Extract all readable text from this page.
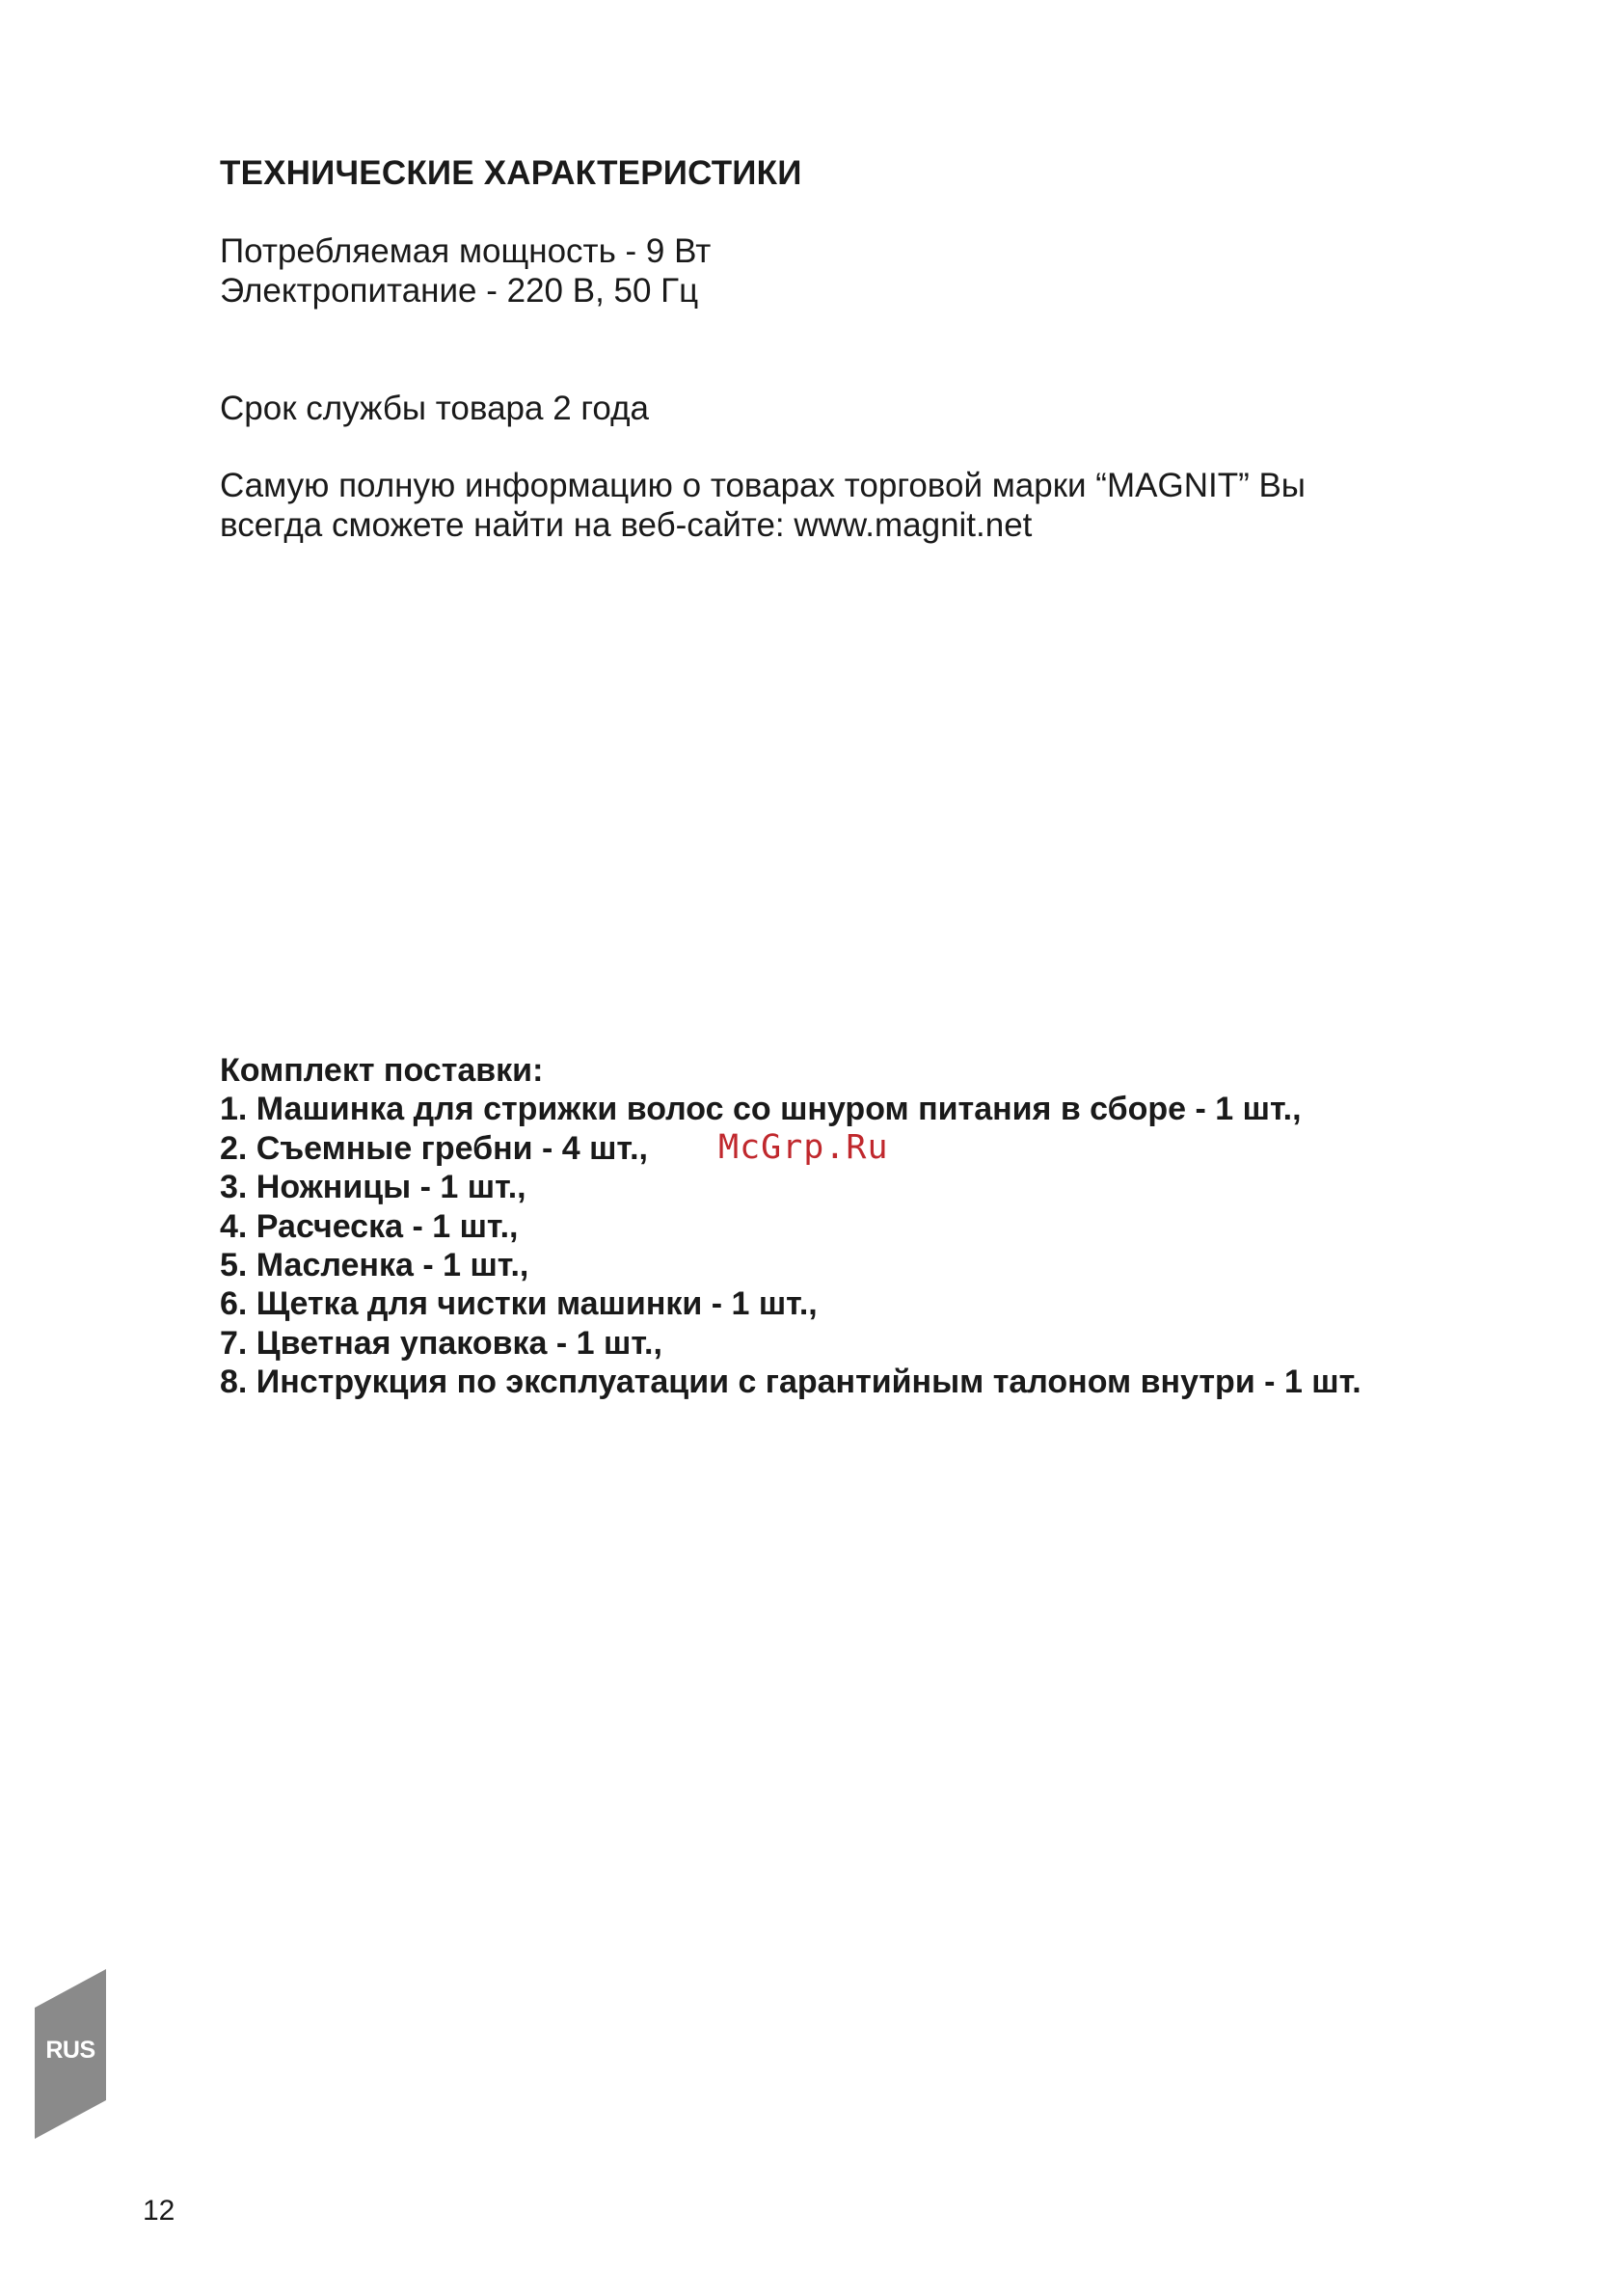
ТЕХНИЧЕСКИЕ ХАРАКТЕРИСТИКИ
Потребляемая мощность - 9 Вт
Электропитание - 220 В, 50 Гц
Срок службы товара 2 года
Самую полную информацию о товарах торговой марки “MAGNIT” Вы
всегда сможете найти на веб-сайте: www.magnit.net
Комплект поставки:
1. Машинка для стрижки волос со шнуром питания в сборе - 1 шт.,
2. Съемные гребни - 4 шт.,
3. Ножницы - 1 шт.,
4. Расческа - 1 шт.,
5. Масленка - 1 шт.,
6. Щетка для чистки машинки - 1 шт.,
7. Цветная упаковка - 1 шт.,
8. Инструкция по эксплуатации с гарантийным талоном внутри - 1 шт.
McGrp.Ru
RUS
12
